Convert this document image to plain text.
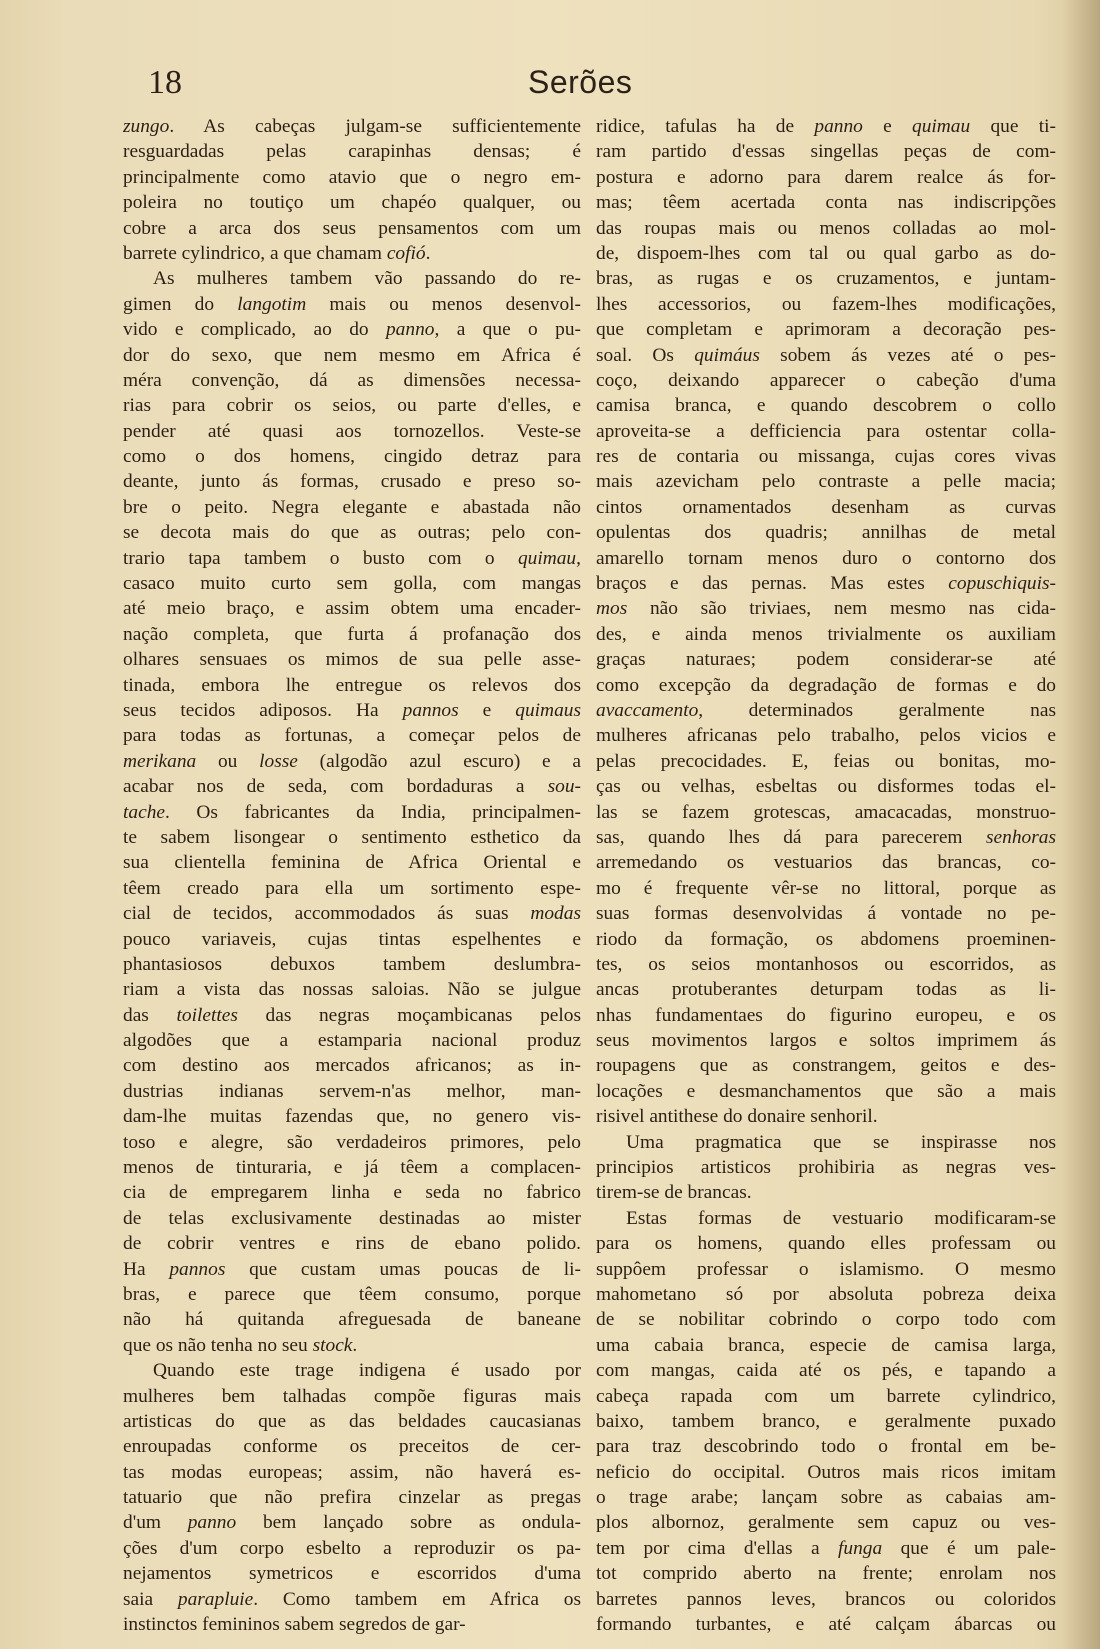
18	Serões
zungo. As cabeças julgam-se sufficientemente
resguardadas pelas carapinhas densas; é
principalmente como atavio que o negro em-
poleira no toutiço um chapéo qualquer, ou
cobre a arca dos seus pensamentos com um
barrete cylindrico, a que chamam cofió.
As mulheres tambem vão passando do re-
gimen do langotim mais ou menos desenvol-
vido e complicado, ao do panno, a que o pu-
dor do sexo, que nem mesmo em Africa é
méra convenção, dá as dimensões necessa-
rias para cobrir os seios, ou parte d'elles, e
pender até quasi aos tornozellos. Veste-se
como o dos homens, cingido detraz para
deante, junto ás formas, crusado e preso so-
bre o peito. Negra elegante e abastada não
se decota mais do que as outras; pelo con-
trario tapa tambem o busto com o quimau,
casaco muito curto sem golla, com mangas
até meio braço, e assim obtem uma encader-
nação completa, que furta á profanação dos
olhares sensuaes os mimos de sua pelle asse-
tinada, embora lhe entregue os relevos dos
seus tecidos adiposos. Ha pannos e quimaus
para todas as fortunas, a começar pelos de
merikana ou losse (algodão azul escuro) e a
acabar nos de seda, com bordaduras a sou-
tache. Os fabricantes da India, principalmen-
te sabem lisongear o sentimento esthetico da
sua clientella feminina de Africa Oriental e
têem creado para ella um sortimento espe-
cial de tecidos, accommodados ás suas modas
pouco variaveis, cujas tintas espelhentes e
phantasiosos debuxos tambem deslumbra-
riam a vista das nossas saloias. Não se julgue
das toilettes das negras moçambicanas pelos
algodões que a estamparia nacional produz
com destino aos mercados africanos; as in-
dustrias indianas servem-n'as melhor, man-
dam-lhe muitas fazendas que, no genero vis-
toso e alegre, são verdadeiros primores, pelo
menos de tinturaria, e já têem a complacen-
cia de empregarem linha e seda no fabrico
de telas exclusivamente destinadas ao mister
de cobrir ventres e rins de ebano polido.
Ha pannos que custam umas poucas de li-
bras, e parece que têem consumo, porque
não há quitanda afreguesada de baneane
que os não tenha no seu stock.
Quando este trage indigena é usado por
mulheres bem talhadas compõe figuras mais
artisticas do que as das beldades caucasianas
enroupadas conforme os preceitos de cer-
tas modas europeas; assim, não haverá es-
tatuario que não prefira cinzelar as pregas
d'um panno bem lançado sobre as ondula-
ções d'um corpo esbelto a reproduzir os pa-
nejamentos symetricos e escorridos d'uma
saia parapluie. Como tambem em Africa os
instinctos femininos sabem segredos de gar-
ridice, tafulas ha de panno e quimau que ti-
ram partido d'essas singellas peças de com-
postura e adorno para darem realce ás for-
mas; têem acertada conta nas indiscripções
das roupas mais ou menos colladas ao mol-
de, dispoem-lhes com tal ou qual garbo as do-
bras, as rugas e os cruzamentos, e juntam-
lhes accessorios, ou fazem-lhes modificações,
que completam e aprimoram a decoração pes-
soal. Os quimáus sobem ás vezes até o pes-
coço, deixando apparecer o cabeção d'uma
camisa branca, e quando descobrem o collo
aproveita-se a defficiencia para ostentar colla-
res de contaria ou missanga, cujas cores vivas
mais azevicham pelo contraste a pelle macia;
cintos ornamentados desenham as curvas
opulentas dos quadris; annilhas de metal
amarello tornam menos duro o contorno dos
braços e das pernas. Mas estes copuschiquis-
mos não são triviaes, nem mesmo nas cida-
des, e ainda menos trivialmente os auxiliam
graças naturaes; podem considerar-se até
como excepção da degradação de formas e do
avaccamento, determinados geralmente nas
mulheres africanas pelo trabalho, pelos vicios e
pelas precocidades. E, feias ou bonitas, mo-
ças ou velhas, esbeltas ou disformes todas el-
las se fazem grotescas, amacacadas, monstruo-
sas, quando lhes dá para parecerem senhoras
arremedando os vestuarios das brancas, co-
mo é frequente vêr-se no littoral, porque as
suas formas desenvolvidas á vontade no pe-
riodo da formação, os abdomens proeminen-
tes, os seios montanhosos ou escorridos, as
ancas protuberantes deturpam todas as li-
nhas fundamentaes do figurino europeu, e os
seus movimentos largos e soltos imprimem ás
roupagens que as constrangem, geitos e des-
locações e desmanchamentos que são a mais
risivel antithese do donaire senhoril.
Uma pragmatica que se inspirasse nos
principios artisticos prohibiria as negras ves-
tirem-se de brancas.
Estas formas de vestuario modificaram-se
para os homens, quando elles professam ou
suppôem professar o islamismo. O mesmo
mahometano só por absoluta pobreza deixa
de se nobilitar cobrindo o corpo todo com
uma cabaia branca, especie de camisa larga,
com mangas, caida até os pés, e tapando a
cabeça rapada com um barrete cylindrico,
baixo, tambem branco, e geralmente puxado
para traz descobrindo todo o frontal em be-
neficio do occipital. Outros mais ricos imitam
o trage arabe; lançam sobre as cabaias am-
plos albornoz, geralmente sem capuz ou ves-
tem por cima d'ellas a funga que é um pale-
tot comprido aberto na frente; enrolam nos
barretes pannos leves, brancos ou coloridos
formando turbantes, e até calçam ábarcas ou
